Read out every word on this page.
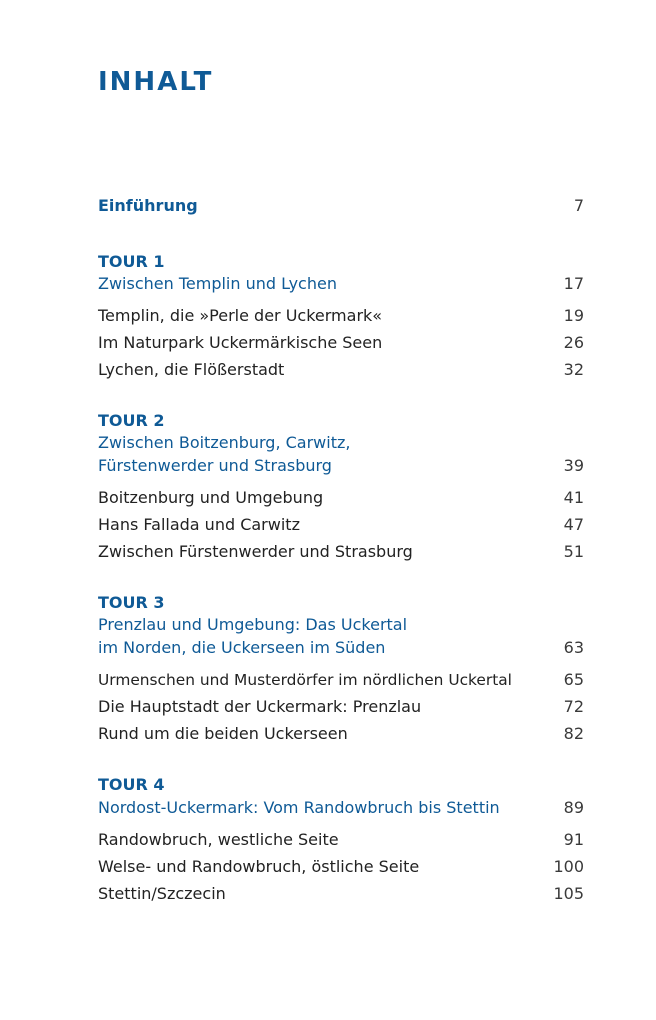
INHALT
Einführung	7
TOUR 1
Zwischen Templin und Lychen	17
Templin, die »Perle der Uckermark«	19
Im Naturpark Uckermärkische Seen	26
Lychen, die Flößerstadt	32
TOUR 2
Zwischen Boitzenburg, Carwitz,
Fürstenwerder und Strasburg	39
Boitzenburg und Umgebung	41
Hans Fallada und Carwitz	47
Zwischen Fürstenwerder und Strasburg	51
TOUR 3
Prenzlau und Umgebung: Das Uckertal
im Norden, die Uckerseen im Süden	63
Urmenschen und Musterdörfer im nördlichen Uckertal	65
Die Hauptstadt der Uckermark: Prenzlau	72
Rund um die beiden Uckerseen	82
TOUR 4
Nordost-Uckermark: Vom Randowbruch bis Stettin	89
Randowbruch, westliche Seite	91
Welse- und Randowbruch, östliche Seite	100
Stettin/Szczecin	105
